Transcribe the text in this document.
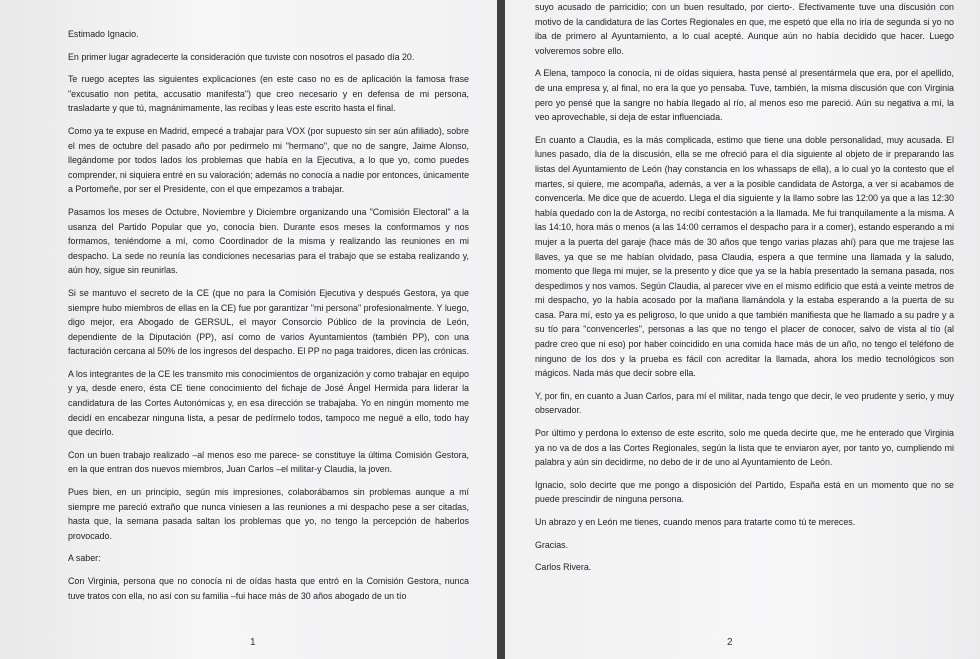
Estimado Ignacio.

En primer lugar agradecerte la consideración que tuviste con nosotros el pasado día 20.

Te ruego aceptes las siguientes explicaciones (en este caso no es de aplicación la famosa frase "excusatio non petita, accusatio manifesta") que creo necesario y en defensa de mi persona, trasladarte y que tú, magnánimamente, las recibas y leas este escrito hasta el final.

Como ya te expuse en Madrid, empecé a trabajar para VOX (por supuesto sin ser aún afiliado), sobre el mes de octubre del pasado año por pedirmelo mi "hermano", que no de sangre, Jaime Alonso, llegándome por todos lados los problemas que había en la Ejecutiva, a lo que yo, como puedes comprender, ni siquiera entré en su valoración; además no conocía a nadie por entonces, únicamente a Portomeñe, por ser el Presidente, con el que empezamos a trabajar.

Pasamos los meses de Octubre, Noviembre y Diciembre organizando una "Comisión Electoral" a la usanza del Partido Popular que yo, conocía bien. Durante esos meses la conformamos y nos formamos, teniéndome a mí, como Coordinador de la misma y realizando las reuniones en mi despacho. La sede no reunía las condiciones necesarias para el trabajo que se estaba realizando y, aún hoy, sigue sin reunirlas.

Si se mantuvo el secreto de la CE (que no para la Comisión Ejecutiva y después Gestora, ya que siempre hubo miembros de ellas en la CE) fue por garantizar "mi persona" profesionalmente. Y luego, digo mejor, era Abogado de GERSUL, el mayor Consorcio Público de la provincia de León, dependiente de la Diputación (PP), así como de varios Ayuntamientos (también PP), con una facturación cercana al 50% de los ingresos del despacho. El PP no paga traidores, dicen las crónicas.

A los integrantes de la CE les transmito mis conocimientos de organización y como trabajar en equipo y ya, desde enero, ésta CE tiene conocimiento del fichaje de José Ángel Hermida para liderar la candidatura de las Cortes Autonómicas y, en esa dirección se trabajaba. Yo en ningún momento me decidí en encabezar ninguna lista, a pesar de pedírmelo todos, tampoco me negué a ello, todo hay que decirlo.

Con un buen trabajo realizado –al menos eso me parece- se constituye la última Comisión Gestora, en la que entran dos nuevos miembros, Juan Carlos –el militar-y Claudia, la joven.

Pues bien, en un principio, según mis impresiones, colaborábamos sin problemas aunque a mí siempre me pareció extraño que nunca viniesen a las reuniones a mi despacho pese a ser citadas, hasta que, la semana pasada saltan los problemas que yo, no tengo la percepción de haberlos provocado.

A saber:

Con Virginia, persona que no conocía ni de oídas hasta que entró en la Comisión Gestora, nunca tuve tratos con ella, no así con su familia –fui hace más de 30 años abogado de un tío

1

suyo acusado de parricidio; con un buen resultado, por cierto-. Efectivamente tuve una discusión con motivo de la candidatura de las Cortes Regionales en que, me espetó que ella no iría de segunda si yo no iba de primero al Ayuntamiento, a lo cual acepté. Aunque aún no había decidido que hacer. Luego volveremos sobre ello.

A Elena, tampoco la conocía, ni de oídas siquiera, hasta pensé al presentármela que era, por el apellido, de una empresa y, al final, no era la que yo pensaba. Tuve, también, la misma discusión que con Virginia pero yo pensé que la sangre no había llegado al río, al menos eso me pareció. Aún su negativa a mí, la veo aprovechable, si deja de estar influenciada.

En cuanto a Claudia, es la más complicada, estimo que tiene una doble personalidad, muy acusada. El lunes pasado, día de la discusión, ella se me ofreció para el día siguiente al objeto de ir preparando las listas del Ayuntamiento de León (hay constancia en los whassaps de ella), a lo cual yo la contesto que el martes, si quiere, me acompaña, además, a ver a la posible candidata de Astorga, a ver si acabamos de convencerla. Me dice que de acuerdo. Llega el día siguiente y la llamo sobre las 12:00 ya que a las 12:30 había quedado con la de Astorga, no recibí contestación a la llamada. Me fui tranquilamente a la misma. A las 14:10, hora más o menos (a las 14:00 cerramos el despacho para ir a comer), estando esperando a mi mujer a la puerta del garaje (hace más de 30 años que tengo varias plazas ahí) para que me trajese las llaves, ya que se me habían olvidado, pasa Claudia, espera a que termine una llamada y la saludo, momento que llega mi mujer, se la presento y dice que ya se la había presentado la semana pasada, nos despedimos y nos vamos. Según Claudia, al parecer vive en el mismo edificio que está a veinte metros de mi despacho, yo la había acosado por la mañana llamándola y la estaba esperando a la puerta de su casa. Para mí, esto ya es peligroso, lo que unido a que también manifiesta que he llamado a su padre y a su tío para "convencerles", personas a las que no tengo el placer de conocer, salvo de vista al tío (al padre creo que ni eso) por haber coincidido en una comida hace más de un año, no tengo el teléfono de ninguno de los dos y la prueba es fácil con acreditar la llamada, ahora los medio tecnológicos son mágicos. Nada más que decir sobre ella.

Y, por fin, en cuanto a Juan Carlos, para mí el militar, nada tengo que decir, le veo prudente y serio, y muy observador.

Por último y perdona lo extenso de este escrito, solo me queda decirte que, me he enterado que Virginia ya no va de dos a las Cortes Regionales, según la lista que te enviaron ayer, por tanto yo, cumpliendo mi palabra y aún sin decidirme, no debo de ir de uno al Ayuntamiento de León.

Ignacio, solo decirte que me pongo a disposición del Partido, España está en un momento que no se puede prescindir de ninguna persona.

Un abrazo y en León me tienes, cuando menos para tratarte como tú te mereces.

Gracias.

Carlos Rivera.

2
